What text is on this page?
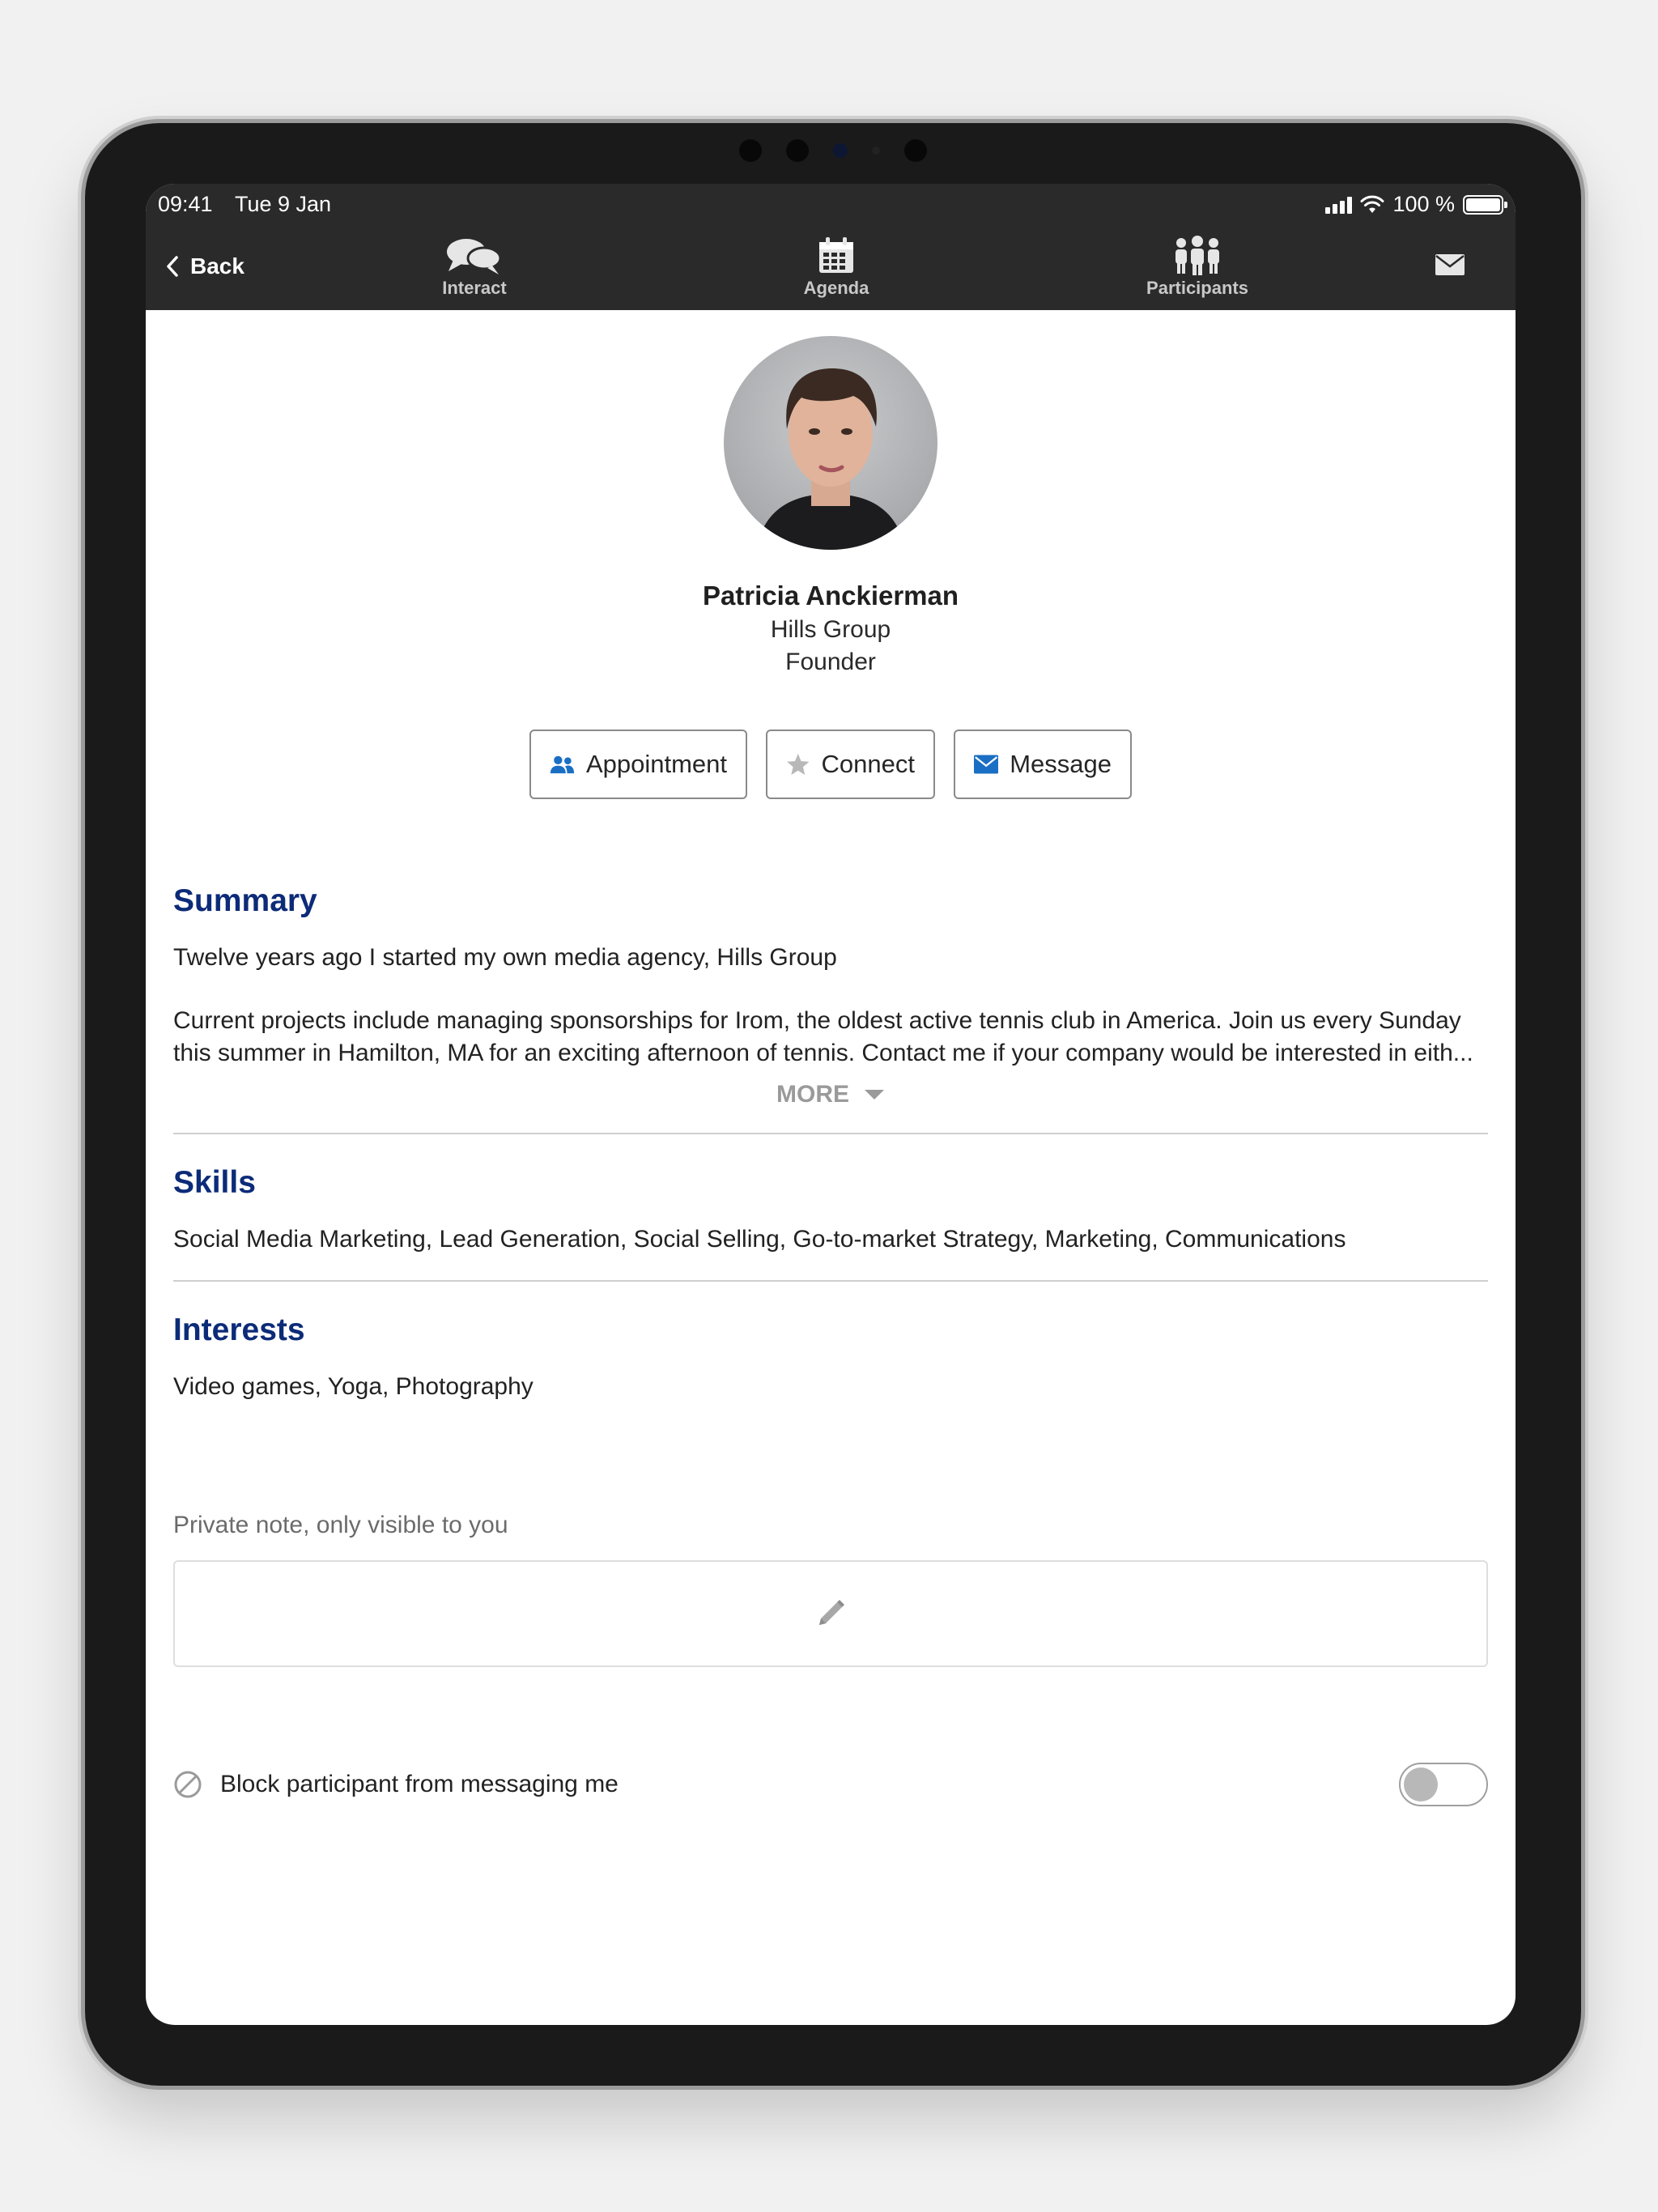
09:41 Tue 9 Jan	100 %
Back
Interact	Agenda	Participants
Patricia Anckierman
Hills Group
Founder
Appointment	Connect	Message
Summary
Twelve years ago I started my own media agency, Hills Group
Current projects include managing sponsorships for Irom, the oldest active tennis club in America. Join us every Sunday this summer in Hamilton, MA for an exciting afternoon of tennis. Contact me if your company would be interested in eith...
MORE
Skills
Social Media Marketing, Lead Generation, Social Selling, Go-to-market Strategy, Marketing, Communications
Interests
Video games, Yoga, Photography
Private note, only visible to you
Block participant from messaging me
